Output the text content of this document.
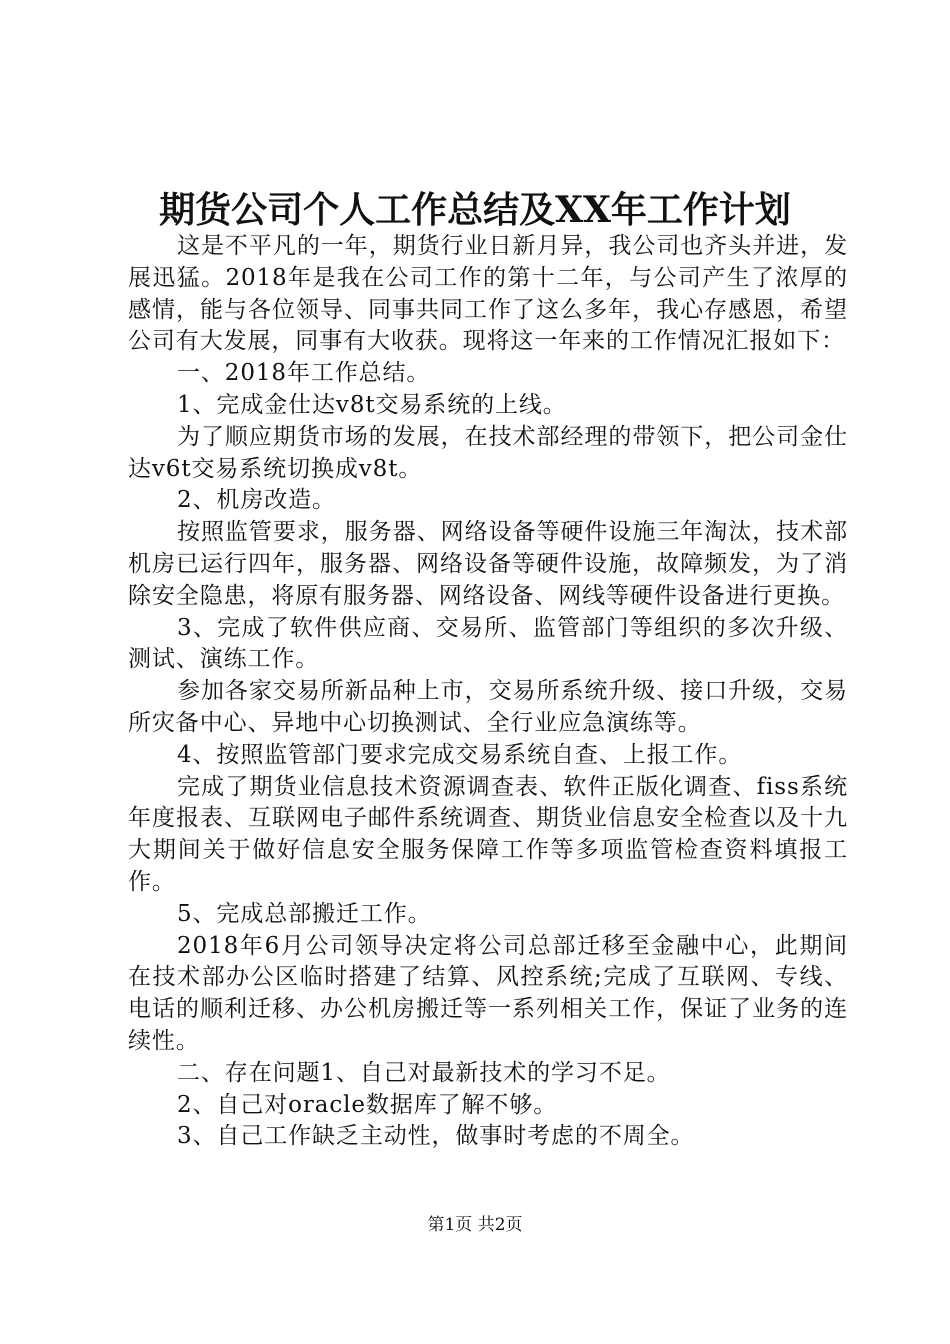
期货公司个人工作总结及XX年工作计划

这是不平凡的一年，期货行业日新月异，我公司也齐头并进，发展迅猛。2018年是我在公司工作的第十二年，与公司产生了浓厚的感情，能与各位领导、同事共同工作了这么多年，我心存感恩，希望公司有大发展，同事有大收获。现将这一年来的工作情况汇报如下：

一、2018年工作总结。

1、完成金仕达v8t交易系统的上线。

为了顺应期货市场的发展，在技术部经理的带领下，把公司金仕达v6t交易系统切换成v8t。

2、机房改造。

按照监管要求，服务器、网络设备等硬件设施三年淘汰，技术部机房已运行四年，服务器、网络设备等硬件设施，故障频发，为了消除安全隐患，将原有服务器、网络设备、网线等硬件设备进行更换。

3、完成了软件供应商、交易所、监管部门等组织的多次升级、测试、演练工作。

参加各家交易所新品种上市，交易所系统升级、接口升级，交易所灾备中心、异地中心切换测试、全行业应急演练等。

4、按照监管部门要求完成交易系统自查、上报工作。

完成了期货业信息技术资源调查表、软件正版化调查、fiss系统年度报表、互联网电子邮件系统调查、期货业信息安全检查以及十九大期间关于做好信息安全服务保障工作等多项监管检查资料填报工作。

5、完成总部搬迁工作。

2018年6月公司领导决定将公司总部迁移至金融中心，此期间在技术部办公区临时搭建了结算、风控系统;完成了互联网、专线、电话的顺利迁移、办公机房搬迁等一系列相关工作，保证了业务的连续性。

二、存在问题1、自己对最新技术的学习不足。

2、自己对oracle数据库了解不够。

3、自己工作缺乏主动性，做事时考虑的不周全。

第1页 共2页
